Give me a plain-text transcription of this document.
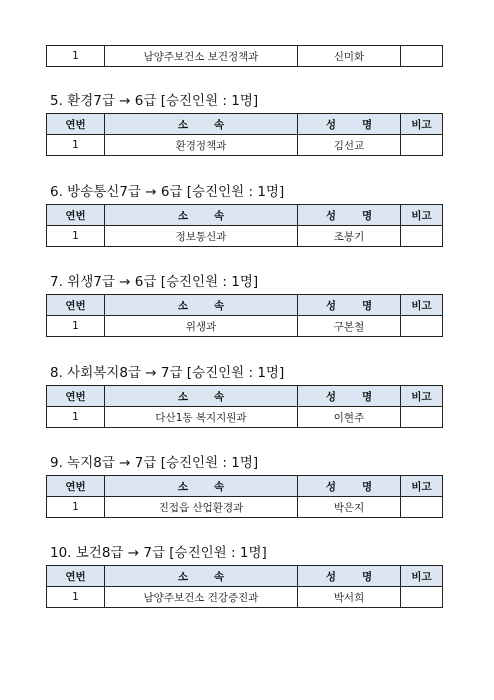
1	남양주보건소 보건정책과	신미화	
5. 환경7급 → 6급 [승진인원 : 1명]
연번	소 속	성 명	비고
1	환경정책과	김선교	
6. 방송통신7급 → 6급 [승진인원 : 1명]
연번	소 속	성 명	비고
1	정보통신과	조봉기	
7. 위생7급 → 6급 [승진인원 : 1명]
연번	소 속	성 명	비고
1	위생과	구본철	
8. 사회복지8급 → 7급 [승진인원 : 1명]
연번	소 속	성 명	비고
1	다산1동 복지지원과	이현주	
9. 녹지8급 → 7급 [승진인원 : 1명]
연번	소 속	성 명	비고
1	진접읍 산업환경과	박은지	
10. 보건8급 → 7급 [승진인원 : 1명]
연번	소 속	성 명	비고
1	남양주보건소 건강증진과	박서희	
